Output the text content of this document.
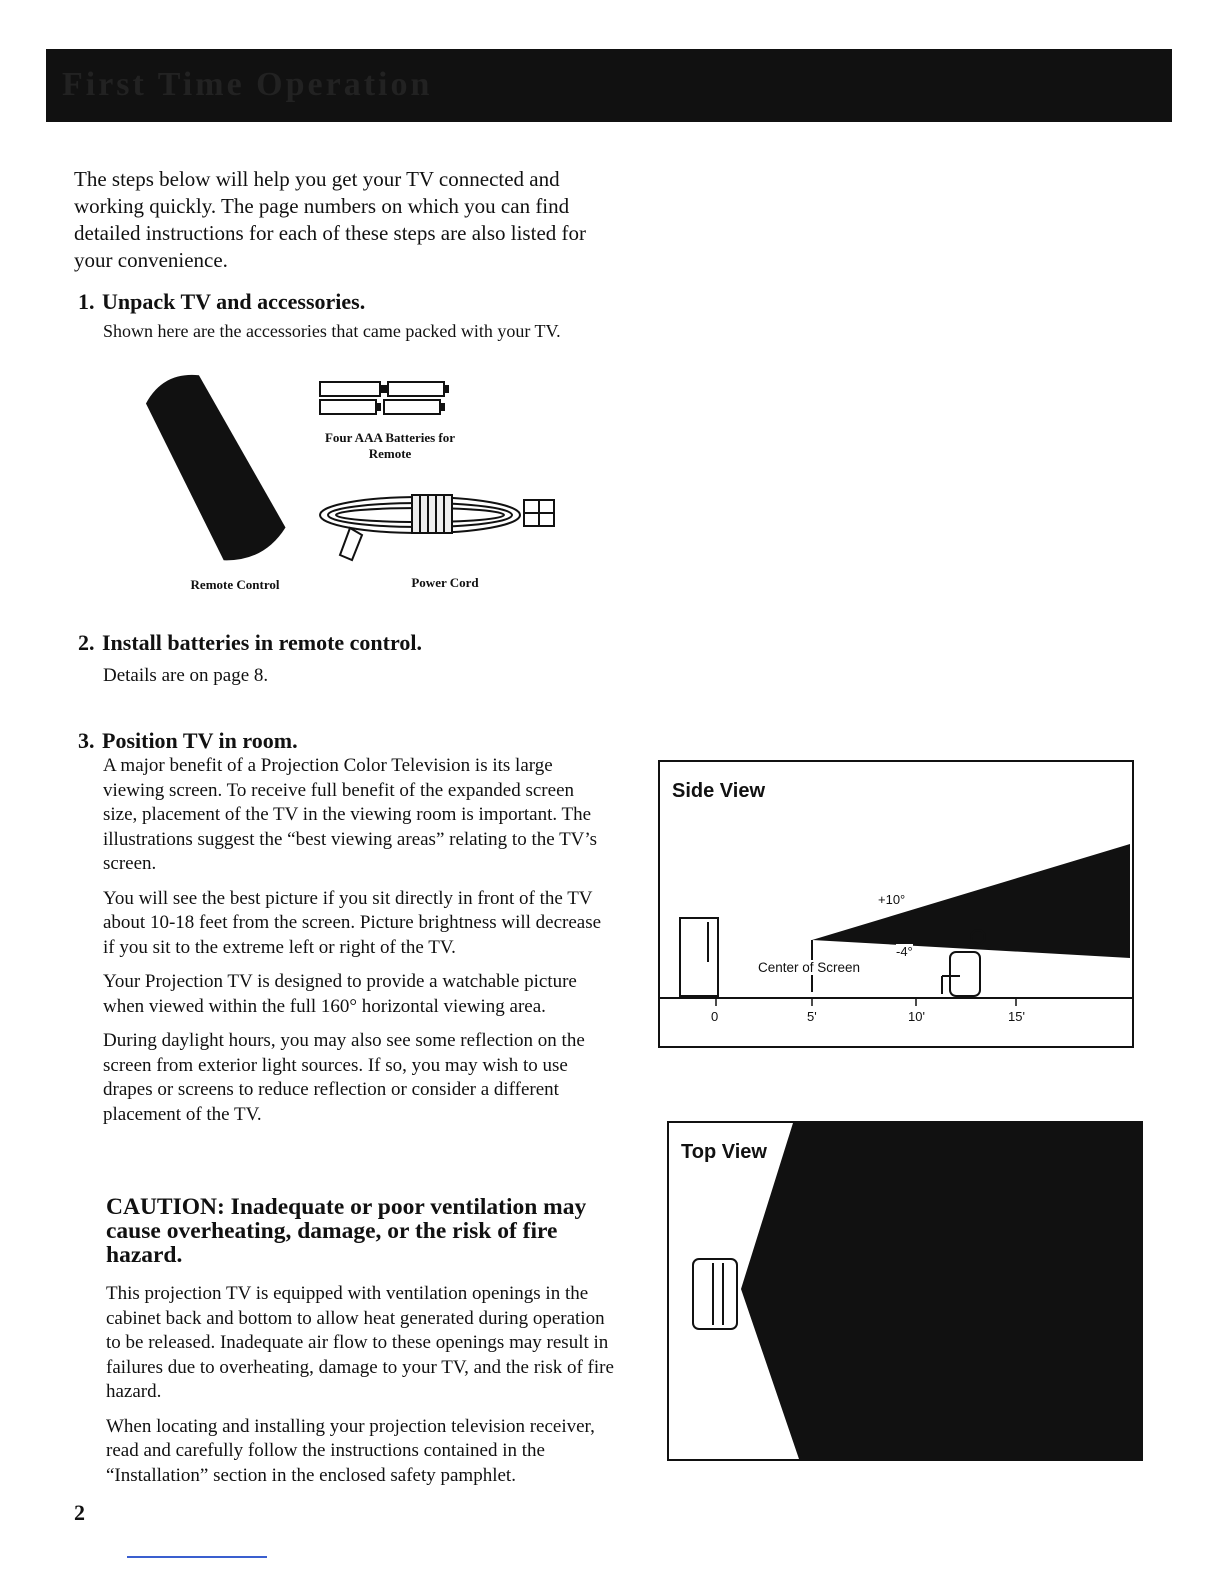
First Time Operation
The steps below will help you get your TV connected and working quickly. The page numbers on which you can find detailed instructions for each of these steps are also listed for your convenience.
1. Unpack TV and accessories.
Shown here are the accessories that came packed with your TV.
Four AAA Batteries for
Remote
Remote Control	Power Cord
2. Install batteries in remote control.
Details are on page 8.
3. Position TV in room.

A major benefit of a Projection Color Television is its large viewing screen. To receive full benefit of the expanded screen size, placement of the TV in the viewing room is important. The illustrations suggest the “best viewing areas” relating to the TV’s screen.

You will see the best picture if you sit directly in front of the TV about 10-18 feet from the screen. Picture brightness will decrease if you sit to the extreme left or right of the TV.

Your Projection TV is designed to provide a watchable picture when viewed within the full 160° horizontal viewing area.

During daylight hours, you may also see some reflection on the screen from exterior light sources. If so, you may wish to use drapes or screens to reduce reflection or consider a different placement of the TV.

CAUTION: Inadequate or poor ventilation may cause overheating, damage, or the risk of fire hazard.

This projection TV is equipped with ventilation openings in the cabinet back and bottom to allow heat generated during operation to be released. Inadequate air flow to these openings may result in failures due to overheating, damage to your TV, and the risk of fire hazard.

When locating and installing your projection television receiver, read and carefully follow the instructions contained in the “Installation” section in the enclosed safety pamphlet.

Side View
+10°
-4°
Center of Screen
0	5'	10'	15'
Top View
2
